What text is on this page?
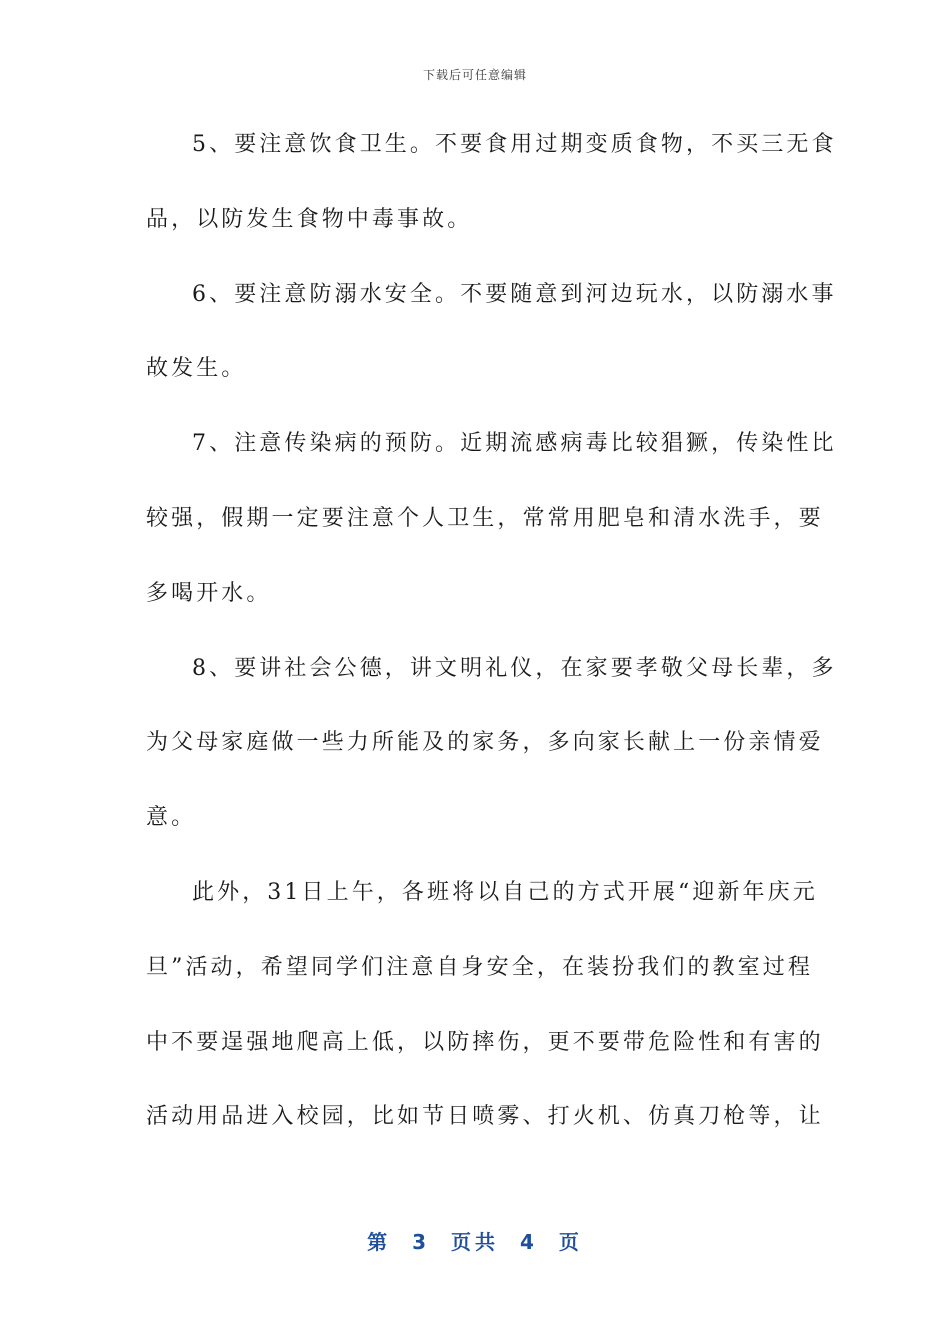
下载后可任意编辑
5、要注意饮食卫生。不要食用过期变质食物，不买三无食
品，以防发生食物中毒事故。
6、要注意防溺水安全。不要随意到河边玩水，以防溺水事
故发生。
7、注意传染病的预防。近期流感病毒比较猖獗，传染性比
较强，假期一定要注意个人卫生，常常用肥皂和清水洗手，要
多喝开水。
8、要讲社会公德，讲文明礼仪，在家要孝敬父母长辈，多
为父母家庭做一些力所能及的家务，多向家长献上一份亲情爱
意。
此外，31日上午，各班将以自己的方式开展“迎新年庆元
旦”活动，希望同学们注意自身安全，在装扮我们的教室过程
中不要逞强地爬高上低，以防摔伤，更不要带危险性和有害的
活动用品进入校园，比如节日喷雾、打火机、仿真刀枪等，让
第 3 页共 4 页
